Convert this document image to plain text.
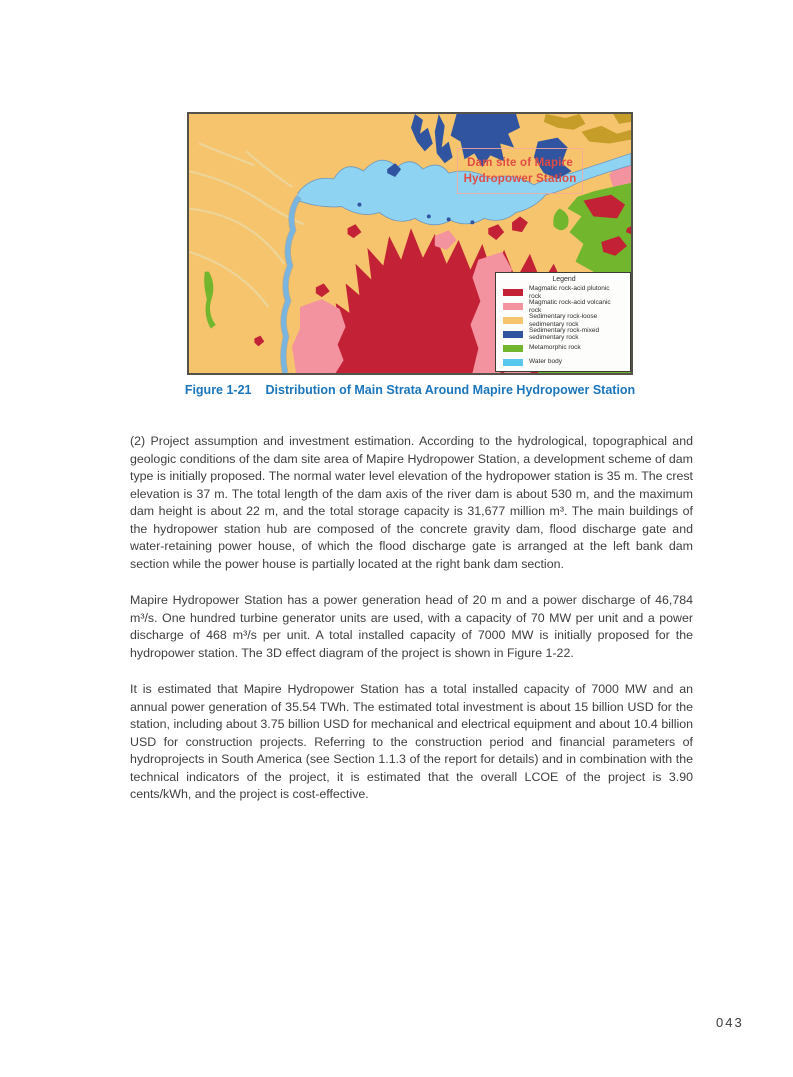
Dam site of Mapire
Hydropower Station
Legend
Magmatic rock-acid plutonic rock
Magmatic rock-acid volcanic rock
Sedimentary rock-loose sedimentary rock
Sedimentary rock-mixed sedimentary rock
Metamorphic rock
Water body
Figure 1-21 Distribution of Main Strata Around Mapire Hydropower Station

(2) Project assumption and investment estimation. According to the hydrological, topographical and geologic conditions of the dam site area of Mapire Hydropower Station, a development scheme of dam type is initially proposed. The normal water level elevation of the hydropower station is 35 m. The crest elevation is 37 m. The total length of the dam axis of the river dam is about 530 m, and the maximum dam height is about 22 m, and the total storage capacity is 31,677 million m³. The main buildings of the hydropower station hub are composed of the concrete gravity dam, flood discharge gate and water-retaining power house, of which the flood discharge gate is arranged at the left bank dam section while the power house is partially located at the right bank dam section.

Mapire Hydropower Station has a power generation head of 20 m and a power discharge of 46,784 m³/s. One hundred turbine generator units are used, with a capacity of 70 MW per unit and a power discharge of 468 m³/s per unit. A total installed capacity of 7000 MW is initially proposed for the hydropower station. The 3D effect diagram of the project is shown in Figure 1-22.

It is estimated that Mapire Hydropower Station has a total installed capacity of 7000 MW and an annual power generation of 35.54 TWh. The estimated total investment is about 15 billion USD for the station, including about 3.75 billion USD for mechanical and electrical equipment and about 10.4 billion USD for construction projects. Referring to the construction period and financial parameters of hydroprojects in South America (see Section 1.1.3 of the report for details) and in combination with the technical indicators of the project, it is estimated that the overall LCOE of the project is 3.90 cents/kWh, and the project is cost-effective.

043
